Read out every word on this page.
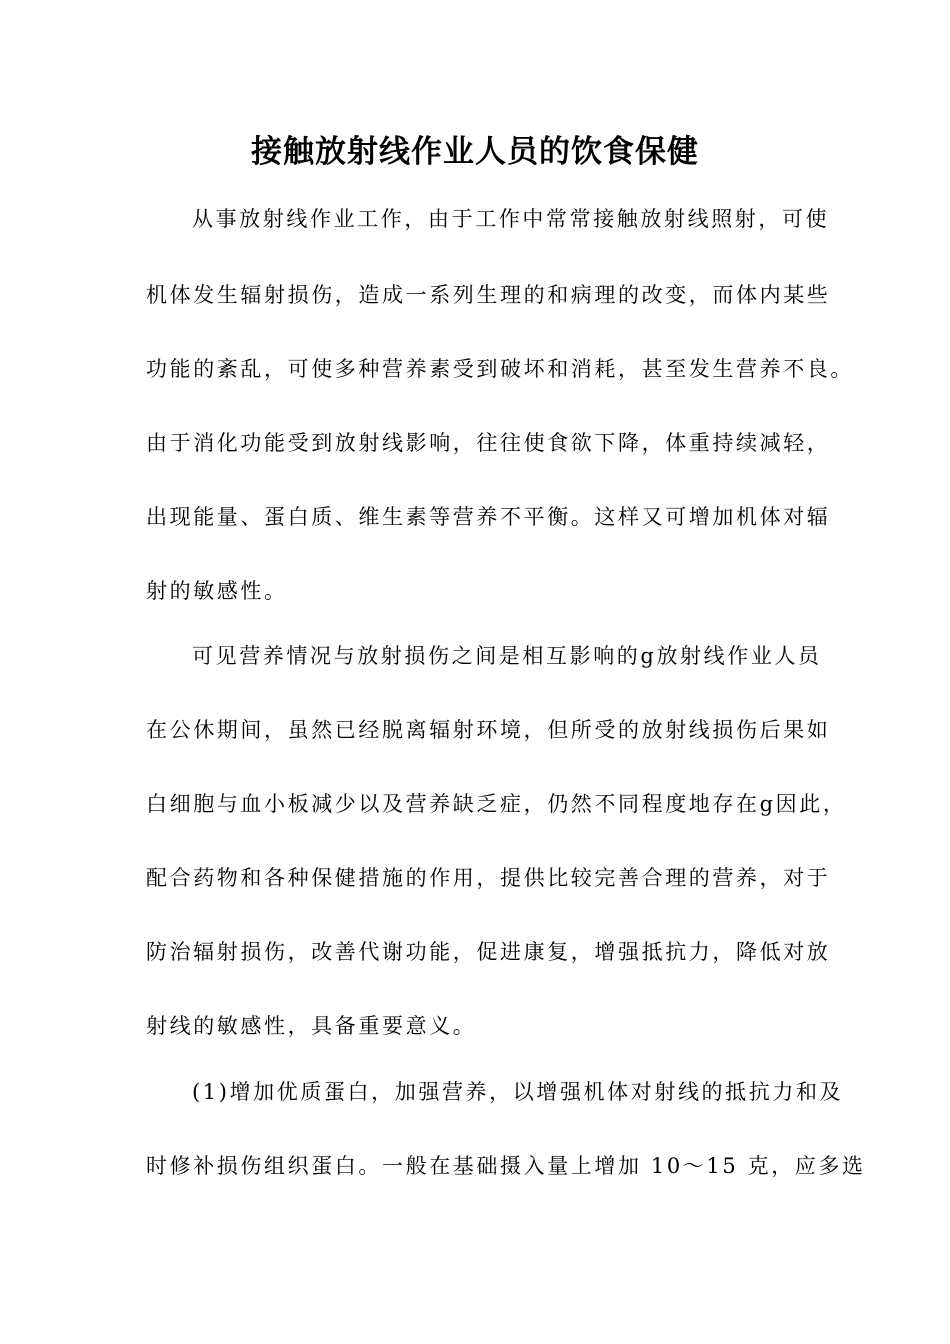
接触放射线作业人员的饮食保健

从事放射线作业工作，由于工作中常常接触放射线照射，可使

机体发生辐射损伤，造成一系列生理的和病理的改变，而体内某些

功能的紊乱，可使多种营养素受到破坏和消耗，甚至发生营养不良。

由于消化功能受到放射线影响，往往使食欲下降，体重持续减轻，

出现能量、蛋白质、维生素等营养不平衡。这样又可增加机体对辐

射的敏感性。

可见营养情况与放射损伤之间是相互影响的g放射线作业人员

在公休期间，虽然已经脱离辐射环境，但所受的放射线损伤后果如

白细胞与血小板减少以及营养缺乏症，仍然不同程度地存在g因此，

配合药物和各种保健措施的作用，提供比较完善合理的营养，对于

防治辐射损伤，改善代谢功能，促进康复，增强抵抗力，降低对放

射线的敏感性，具备重要意义。

(1)增加优质蛋白，加强营养，以增强机体对射线的抵抗力和及

时修补损伤组织蛋白。一般在基础摄入量上增加 10～15 克，应多选
